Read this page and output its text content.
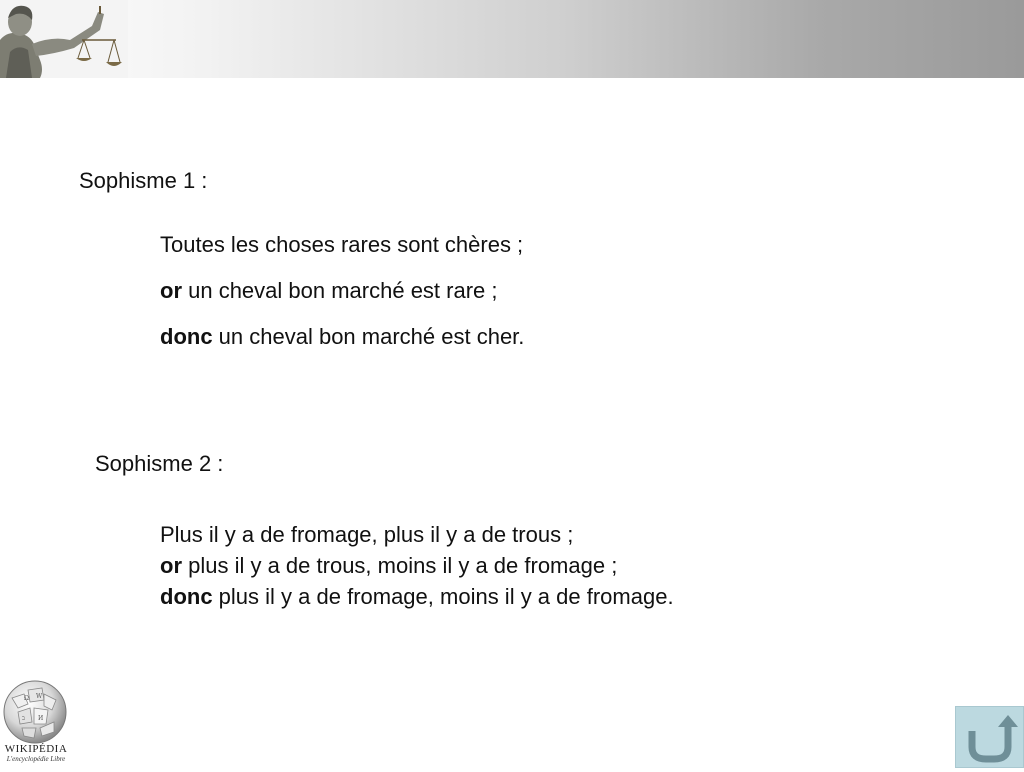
Sophisme 1 :
Toutes les choses rares sont chères ;
or un cheval bon marché est rare ;
donc un cheval bon marché est cher.
Sophisme 2 :
Plus il y a de fromage, plus il y a de trous ;
or plus il y a de trous, moins il y a de fromage ;
donc plus il y a de fromage, moins il y a de fromage.
Ω W
ב И
WIKIPÉDIA
L'encyclopédie Libre
